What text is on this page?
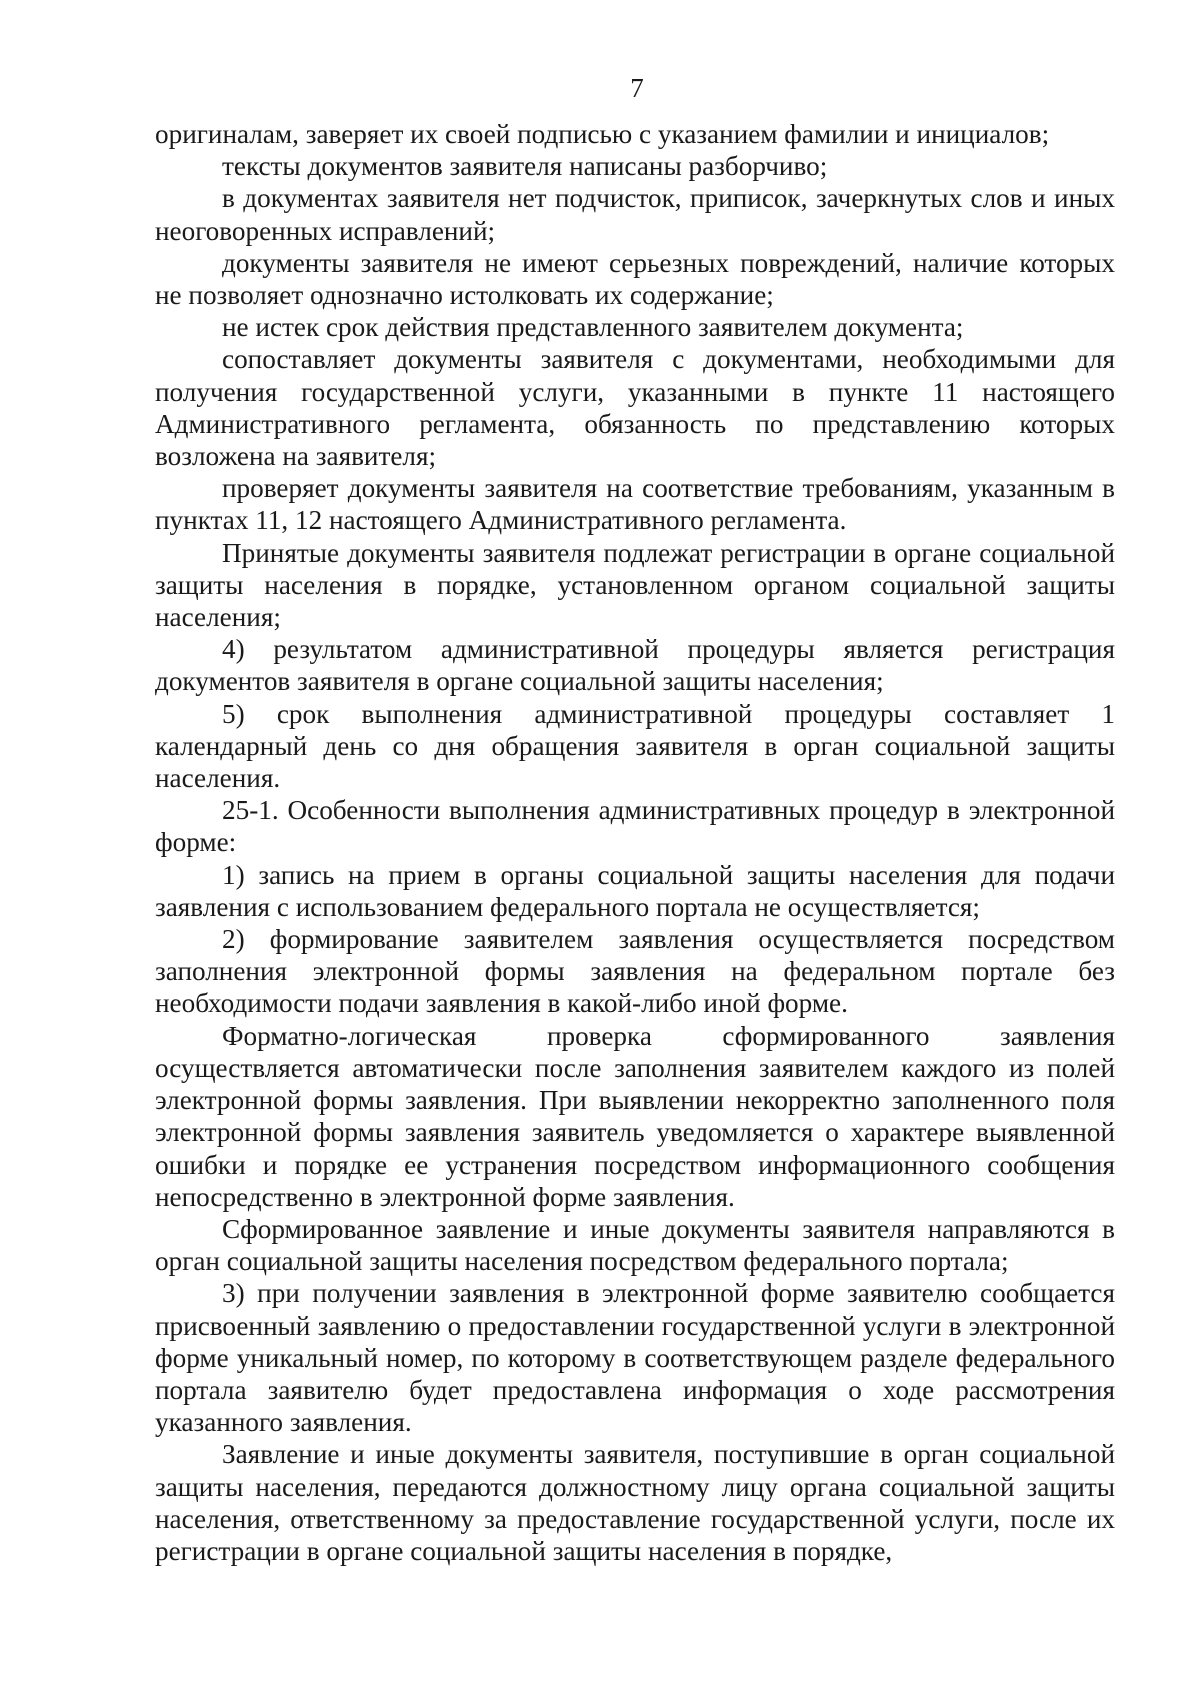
7

оригиналам, заверяет их своей подписью с указанием фамилии и инициалов;

тексты документов заявителя написаны разборчиво;

в документах заявителя нет подчисток, приписок, зачеркнутых слов и иных неоговоренных исправлений;

документы заявителя не имеют серьезных повреждений, наличие которых не позволяет однозначно истолковать их содержание;

не истек срок действия представленного заявителем документа;

сопоставляет документы заявителя с документами, необходимыми для получения государственной услуги, указанными в пункте 11 настоящего Административного регламента, обязанность по представлению которых возложена на заявителя;

проверяет документы заявителя на соответствие требованиям, указанным в пунктах 11, 12 настоящего Административного регламента.

Принятые документы заявителя подлежат регистрации в органе социальной защиты населения в порядке, установленном органом социальной защиты населения;

4) результатом административной процедуры является регистрация документов заявителя в органе социальной защиты населения;

5) срок выполнения административной процедуры составляет 1 календарный день со дня обращения заявителя в орган социальной защиты населения.

25-1. Особенности выполнения административных процедур в электронной форме:

1) запись на прием в органы социальной защиты населения для подачи заявления с использованием федерального портала не осуществляется;

2) формирование заявителем заявления осуществляется посредством заполнения электронной формы заявления на федеральном портале без необходимости подачи заявления в какой-либо иной форме.

Форматно-логическая проверка сформированного заявления осуществляется автоматически после заполнения заявителем каждого из полей электронной формы заявления. При выявлении некорректно заполненного поля электронной формы заявления заявитель уведомляется о характере выявленной ошибки и порядке ее устранения посредством информационного сообщения непосредственно в электронной форме заявления.

Сформированное заявление и иные документы заявителя направляются в орган социальной защиты населения посредством федерального портала;

3) при получении заявления в электронной форме заявителю сообщается присвоенный заявлению о предоставлении государственной услуги в электронной форме уникальный номер, по которому в соответствующем разделе федерального портала заявителю будет предоставлена информация о ходе рассмотрения указанного заявления.

Заявление и иные документы заявителя, поступившие в орган социальной защиты населения, передаются должностному лицу органа социальной защиты населения, ответственному за предоставление государственной услуги, после их регистрации в органе социальной защиты населения в порядке,
